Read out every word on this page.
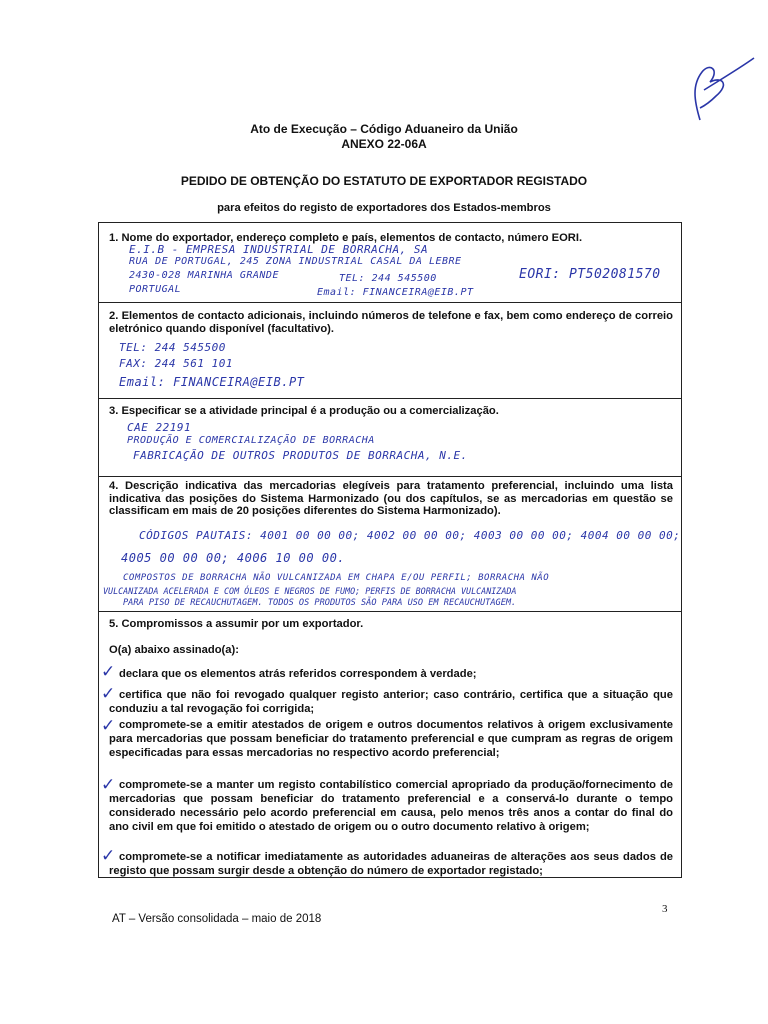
Ato de Execução – Código Aduaneiro da União
ANEXO 22-06A
PEDIDO DE OBTENÇÃO DO ESTATUTO DE EXPORTADOR REGISTADO
para efeitos do registo de exportadores dos Estados-membros
1. Nome do exportador, endereço completo e país, elementos de contacto, número EORI.
E.I.B - EMPRESA INDUSTRIAL DE BORRACHA, SA
RUA DE PORTUGAL, 245 ZONA INDUSTRIAL CASAL DA LEBRE
2430-028 MARINHA GRANDE
PORTUGAL
TEL: 244 545500
Email: FINANCEIRA@EIB.PT
EORI: PT502081570
2. Elementos de contacto adicionais, incluindo números de telefone e fax, bem como endereço de correio eletrónico quando disponível (facultativo).
TEL: 244 545500
FAX: 244 561 101
Email: FINANCEIRA@EIB.PT
3. Especificar se a atividade principal é a produção ou a comercialização.
CAE 22191
PRODUÇÃO E COMERCIALIZAÇÃO DE BORRACHA
FABRICAÇÃO DE OUTROS PRODUTOS DE BORRACHA, N.E.
4. Descrição indicativa das mercadorias elegíveis para tratamento preferencial, incluindo uma lista indicativa das posições do Sistema Harmonizado (ou dos capítulos, se as mercadorias em questão se classificam em mais de 20 posições diferentes do Sistema Harmonizado).
CÓDIGOS PAUTAIS: 4001 00 00 00; 4002 00 00 00; 4003 00 00 00; 4004 00 00 00;
4005 00 00 00; 4006 10 00 00.
COMPOSTOS DE BORRACHA NÃO VULCANIZADA EM CHAPA E/OU PERFIL; BORRACHA NÃO
VULCANIZADA ACELERADA E COM ÓLEOS E NEGROS DE FUMO; PERFIS DE BORRACHA VULCANIZADA
PARA PISO DE RECAUCHUTAGEM. TODOS OS PRODUTOS SÃO PARA USO EM RECAUCHUTAGEM.
5. Compromissos a assumir por um exportador.
O(a) abaixo assinado(a):
✓ declara que os elementos atrás referidos correspondem à verdade;
✓ certifica que não foi revogado qualquer registo anterior; caso contrário, certifica que a situação que conduziu a tal revogação foi corrigida;
✓ compromete-se a emitir atestados de origem e outros documentos relativos à origem exclusivamente para mercadorias que possam beneficiar do tratamento preferencial e que cumpram as regras de origem especificadas para essas mercadorias no respectivo acordo preferencial;
✓ compromete-se a manter um registo contabilístico comercial apropriado da produção/fornecimento de mercadorias que possam beneficiar do tratamento preferencial e a conservá-lo durante o tempo considerado necessário pelo acordo preferencial em causa, pelo menos três anos a contar do final do ano civil em que foi emitido o atestado de origem ou o outro documento relativo à origem;
✓ compromete-se a notificar imediatamente as autoridades aduaneiras de alterações aos seus dados de registo que possam surgir desde a obtenção do número de exportador registado;
3
AT – Versão consolidada – maio de 2018
